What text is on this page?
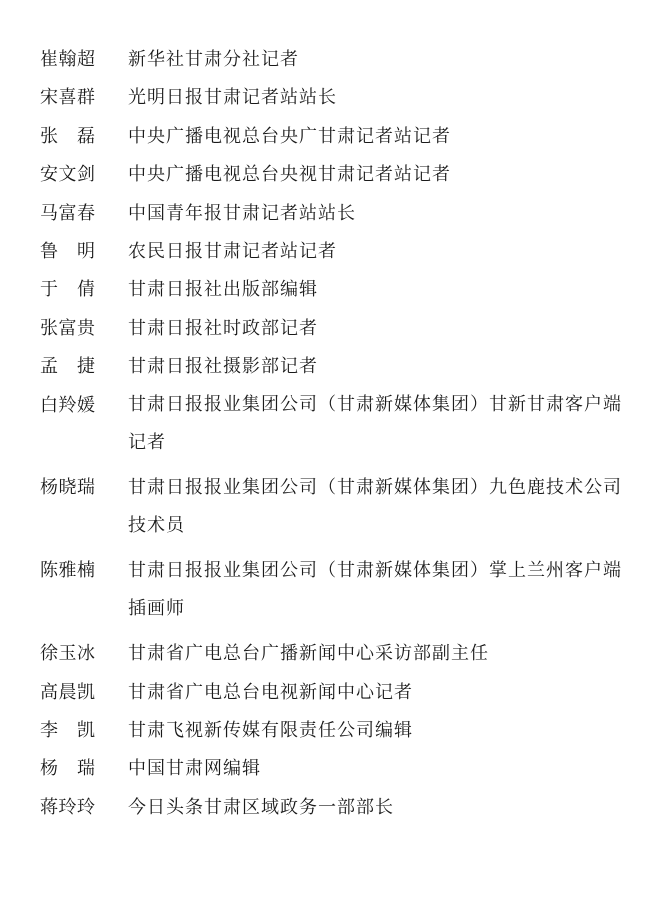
崔翰超	新华社甘肃分社记者
宋喜群	光明日报甘肃记者站站长
张　磊	中央广播电视总台央广甘肃记者站记者
安文剑	中央广播电视总台央视甘肃记者站记者
马富春	中国青年报甘肃记者站站长
鲁　明	农民日报甘肃记者站记者
于　倩	甘肃日报社出版部编辑
张富贵	甘肃日报社时政部记者
孟　捷	甘肃日报社摄影部记者
白羚媛	甘肃日报报业集团公司（甘肃新媒体集团）甘新甘肃客户端记者
杨晓瑞	甘肃日报报业集团公司（甘肃新媒体集团）九色鹿技术公司技术员
陈雅楠	甘肃日报报业集团公司（甘肃新媒体集团）掌上兰州客户端插画师
徐玉冰	甘肃省广电总台广播新闻中心采访部副主任
高晨凯	甘肃省广电总台电视新闻中心记者
李　凯	甘肃飞视新传媒有限责任公司编辑
杨　瑞	中国甘肃网编辑
蒋玲玲	今日头条甘肃区域政务一部部长
